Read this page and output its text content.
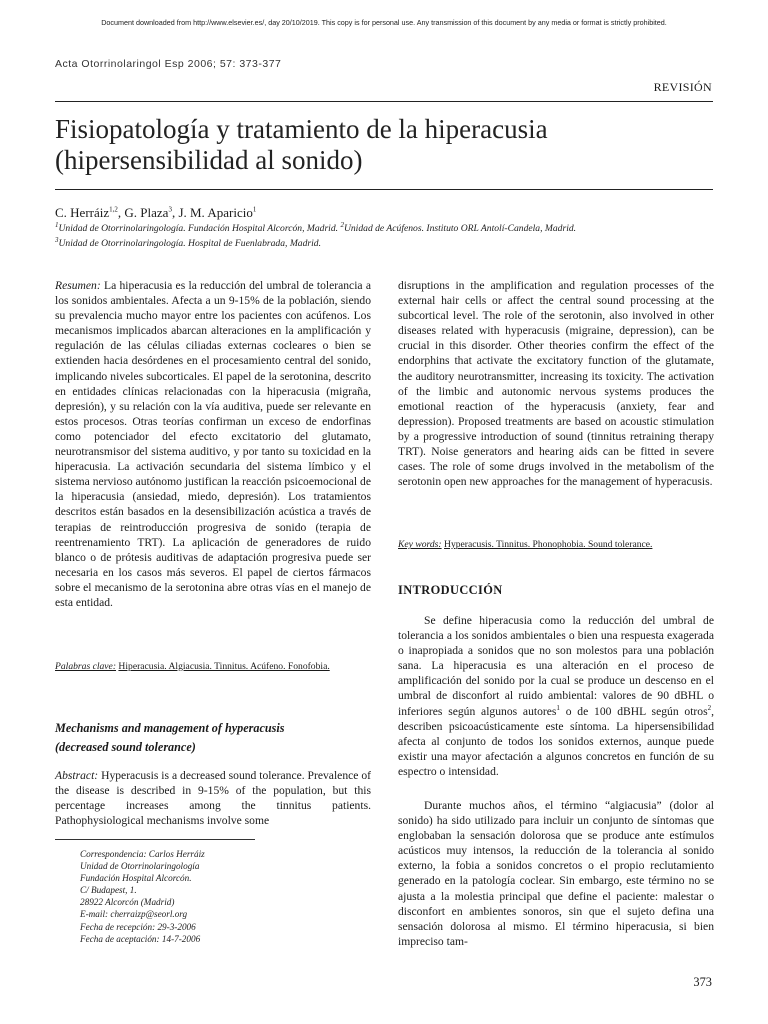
Document downloaded from http://www.elsevier.es/, day 20/10/2019. This copy is for personal use. Any transmission of this document by any media or format is strictly prohibited.
Acta Otorrinolaringol Esp 2006; 57: 373-377
REVISIÓN
Fisiopatología y tratamiento de la hiperacusia
(hipersensibilidad al sonido)
C. Herráiz$^{1,2}$, G. Plaza$^3$, J. M. Aparicio$^1$
$^1$Unidad de Otorrinolaringología. Fundación Hospital Alcorcón, Madrid. $^2$Unidad de Acúfenos. Instituto ORL Antolí-Candela, Madrid.
$^3$Unidad de Otorrinolaringología. Hospital de Fuenlabrada, Madrid.
Resumen: La hiperacusia es la reducción del umbral de tolerancia a los sonidos ambientales. Afecta a un 9-15% de la población, siendo su prevalencia mucho mayor entre los pacientes con acúfenos. Los mecanismos implicados abarcan alteraciones en la amplificación y regulación de las células ciliadas externas cocleares o bien se extienden hacia desórdenes en el procesamiento central del sonido, implicando niveles subcorticales. El papel de la serotonina, descrito en entidades clínicas relacionadas con la hiperacusia (migraña, depresión), y su relación con la vía auditiva, puede ser relevante en estos procesos. Otras teorías confirman un exceso de endorfinas como potenciador del efecto excitatorio del glutamato, neurotransmisor del sistema auditivo, y por tanto su toxicidad en la hiperacusia. La activación secundaria del sistema límbico y el sistema nervioso autónomo justifican la reacción psicoemocional de la hiperacusia (ansiedad, miedo, depresión). Los tratamientos descritos están basados en la desensibilización acústica a través de terapias de reintroducción progresiva de sonido (terapia de reentrenamiento TRT). La aplicación de generadores de ruido blanco o de prótesis auditivas de adaptación progresiva puede ser necesaria en los casos más severos. El papel de ciertos fármacos sobre el mecanismo de la serotonina abre otras vías en el manejo de esta entidad.
Palabras clave: Hiperacusia. Algiacusia. Tinnitus. Acúfeno. Fonofobia.
Mechanisms and management of hyperacusis
(decreased sound tolerance)
Abstract: Hyperacusis is a decreased sound tolerance. Prevalence of the disease is described in 9-15% of the population, but this percentage increases among the tinnitus patients. Pathophysiological mechanisms involve some
Correspondencia: Carlos Herráiz
Unidad de Otorrinolaringología
Fundación Hospital Alcorcón.
C/ Budapest, 1.
28922 Alcorcón (Madrid)
E-mail: cherraizp@seorl.org
Fecha de recepción: 29-3-2006
Fecha de aceptación: 14-7-2006
disruptions in the amplification and regulation processes of the external hair cells or affect the central sound processing at the subcortical level. The role of the serotonin, also involved in other diseases related with hyperacusis (migraine, depression), can be crucial in this disorder. Other theories confirm the effect of the endorphins that activate the excitatory function of the glutamate, the auditory neurotransmitter, increasing its toxicity. The activation of the limbic and autonomic nervous systems produces the emotional reaction of the hyperacusis (anxiety, fear and depression). Proposed treatments are based on acoustic stimulation by a progressive introduction of sound (tinnitus retraining therapy TRT). Noise generators and hearing aids can be fitted in severe cases. The role of some drugs involved in the metabolism of the serotonin open new approaches for the management of hyperacusis.
Key words: Hyperacusis. Tinnitus. Phonophobia. Sound tolerance.
INTRODUCCIÓN
Se define hiperacusia como la reducción del umbral de tolerancia a los sonidos ambientales o bien una respuesta exagerada o inapropiada a sonidos que no son molestos para una población sana. La hiperacusia es una alteración en el proceso de amplificación del sonido por la cual se produce un descenso en el umbral de disconfort al ruido ambiental: valores de 90 dBHL o inferiores según algunos autores$^1$ o de 100 dBHL según otros$^2$, describen psicoacústicamente este síntoma. La hipersensibilidad afecta al conjunto de todos los sonidos externos, aunque puede existir una mayor afectación a algunos concretos en función de su espectro o intensidad.
Durante muchos años, el término “algiacusia” (dolor al sonido) ha sido utilizado para incluir un conjunto de síntomas que englobaban la sensación dolorosa que se produce ante estímulos acústicos muy intensos, la reducción de la tolerancia al sonido externo, la fobia a sonidos concretos o el propio reclutamiento generado en la patología coclear. Sin embargo, este término no se ajusta a la molestia principal que define el paciente: malestar o disconfort en ambientes sonoros, sin que el sujeto defina una sensación dolorosa al mismo. El término hiperacusia, si bien impreciso tam-
373
